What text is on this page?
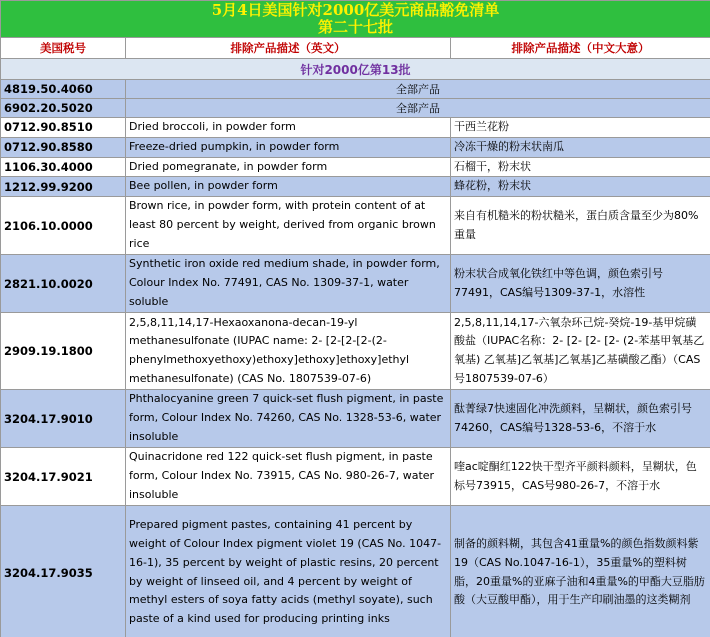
5月4日美国针对2000亿美元商品豁免清单
第二十七批		

美国税号	排除产品描述（英文）	排除产品描述（中文大意）
针对2000亿第13批		
4819.50.4060	全部产品	
6902.20.5020	全部产品	
0712.90.8510	Dried broccoli, in powder form	干西兰花粉
0712.90.8580	Freeze-dried pumpkin, in powder form	冷冻干燥的粉末状南瓜
1106.30.4000	Dried pomegranate, in powder form	石榴干，粉末状
1212.99.9200	Bee pollen, in powder form	蜂花粉，粉末状
2106.10.0000	Brown rice, in powder form, with protein content of at least 80 percent by weight, derived from organic brown rice	来自有机糙米的粉状糙米，蛋白质含量至少为80%重量
2821.10.0020	Synthetic iron oxide red medium shade, in powder form, Colour Index No. 77491, CAS No. 1309-37-1, water soluble	粉末状合成氧化铁红中等色调，颜色索引号77491，CAS编号1309-37-1，水溶性
2909.19.1800	2,5,8,11,14,17-Hexaoxanona-decan-19-yl methanesulfonate (IUPAC name: 2- [2-[2-[2-(2-phenylmethoxyethoxy)ethoxy]ethoxy]ethoxy]ethyl methanesulfonate) (CAS No. 1807539-07-6)	2,5,8,11,14,17-六氧杂环己烷-癸烷-19-基甲烷磺酸盐（IUPAC名称：2- [2- [2- [2- (2-苯基甲氧基乙氧基) 乙氧基]乙氧基]乙氧基]乙基磺酸乙酯）（CAS号1807539-07-6）
3204.17.9010	Phthalocyanine green 7 quick-set flush pigment, in paste form, Colour Index No. 74260, CAS No. 1328-53-6, water insoluble	酞菁绿7快速固化冲洗颜料，呈糊状，颜色索引号74260，CAS编号1328-53-6，不溶于水
3204.17.9021	Quinacridone red 122 quick-set flush pigment, in paste form, Colour Index No. 73915, CAS No. 980-26-7, water insoluble	喹ac啶酮红122快干型齐平颜料颜料，呈糊状，色标号73915，CAS号980-26-7，不溶于水
3204.17.9035	Prepared pigment pastes, containing 41 percent by weight of Colour Index pigment violet 19 (CAS No. 1047-16-1), 35 percent by weight of plastic resins, 20 percent by weight of linseed oil, and 4 percent by weight of methyl esters of soya fatty acids (methyl soyate), such paste of a kind used for producing printing inks	制备的颜料糊，其包含41重量%的颜色指数颜料紫19（CAS No.1047-16-1），35重量%的塑料树脂，20重量%的亚麻子油和4重量%的甲酯大豆脂肪酸（大豆酸甲酯），用于生产印刷油墨的这类糊剂
